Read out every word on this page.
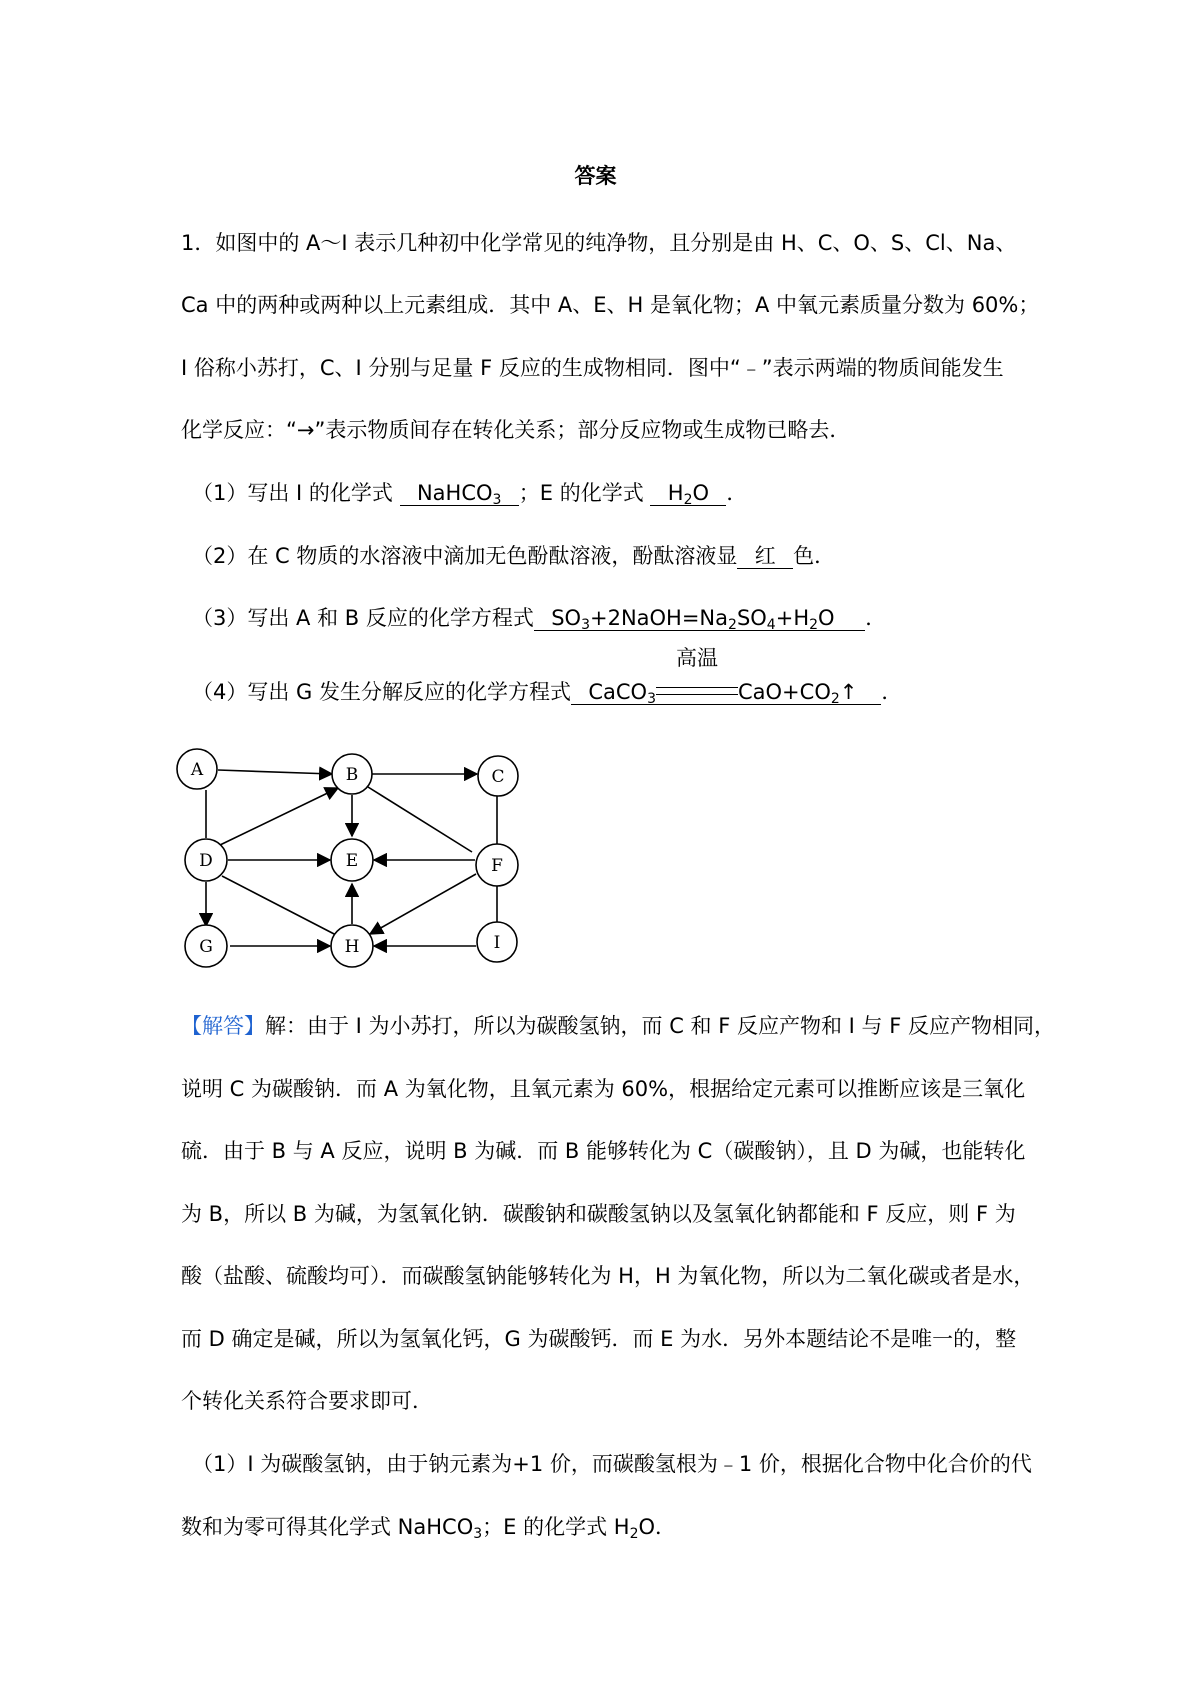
答案
1．如图中的 A～I 表示几种初中化学常见的纯净物，且分别是由 H、C、O、S、Cl、Na、
Ca 中的两种或两种以上元素组成．其中 A、E、H 是氧化物；A 中氧元素质量分数为 60%；
I 俗称小苏打，C、I 分别与足量 F 反应的生成物相同．图中“﹣”表示两端的物质间能发生
化学反应：“→”表示物质间存在转化关系；部分反应物或生成物已略去．
（1）写出 I 的化学式 NaHCO$_3$ ；E 的化学式 $H_2O$ ．
（2）在 C 物质的水溶液中滴加无色酚酞溶液，酚酞溶液显 红 色．
（3）写出 A 和 B 反应的化学方程式 $SO_3+2NaOH=Na_2SO_4+H_2O$ ．
（4）写出 G 发生分解反应的化学方程式 CaCO$_3$
高温
$CaO+CO_2↑$ ．
A	B	C
D	E	F
G	H	I
【解答】解：由于 I 为小苏打，所以为碳酸氢钠，而 C 和 F 反应产物和 I 与 F 反应产物相同，
说明 C 为碳酸钠．而 A 为氧化物，且氧元素为 60%，根据给定元素可以推断应该是三氧化
硫．由于 B 与 A 反应，说明 B 为碱．而 B 能够转化为 C（碳酸钠），且 D 为碱，也能转化
为 B，所以 B 为碱，为氢氧化钠．碳酸钠和碳酸氢钠以及氢氧化钠都能和 F 反应，则 F 为
酸（盐酸、硫酸均可）．而碳酸氢钠能够转化为 H，H 为氧化物，所以为二氧化碳或者是水，
而 D 确定是碱，所以为氢氧化钙，G 为碳酸钙．而 E 为水．另外本题结论不是唯一的，整
个转化关系符合要求即可．
（1）I 为碳酸氢钠，由于钠元素为+1 价，而碳酸氢根为﹣1 价，根据化合物中化合价的代
数和为零可得其化学式 NaHCO$_3$；E 的化学式 $H_2O$．
